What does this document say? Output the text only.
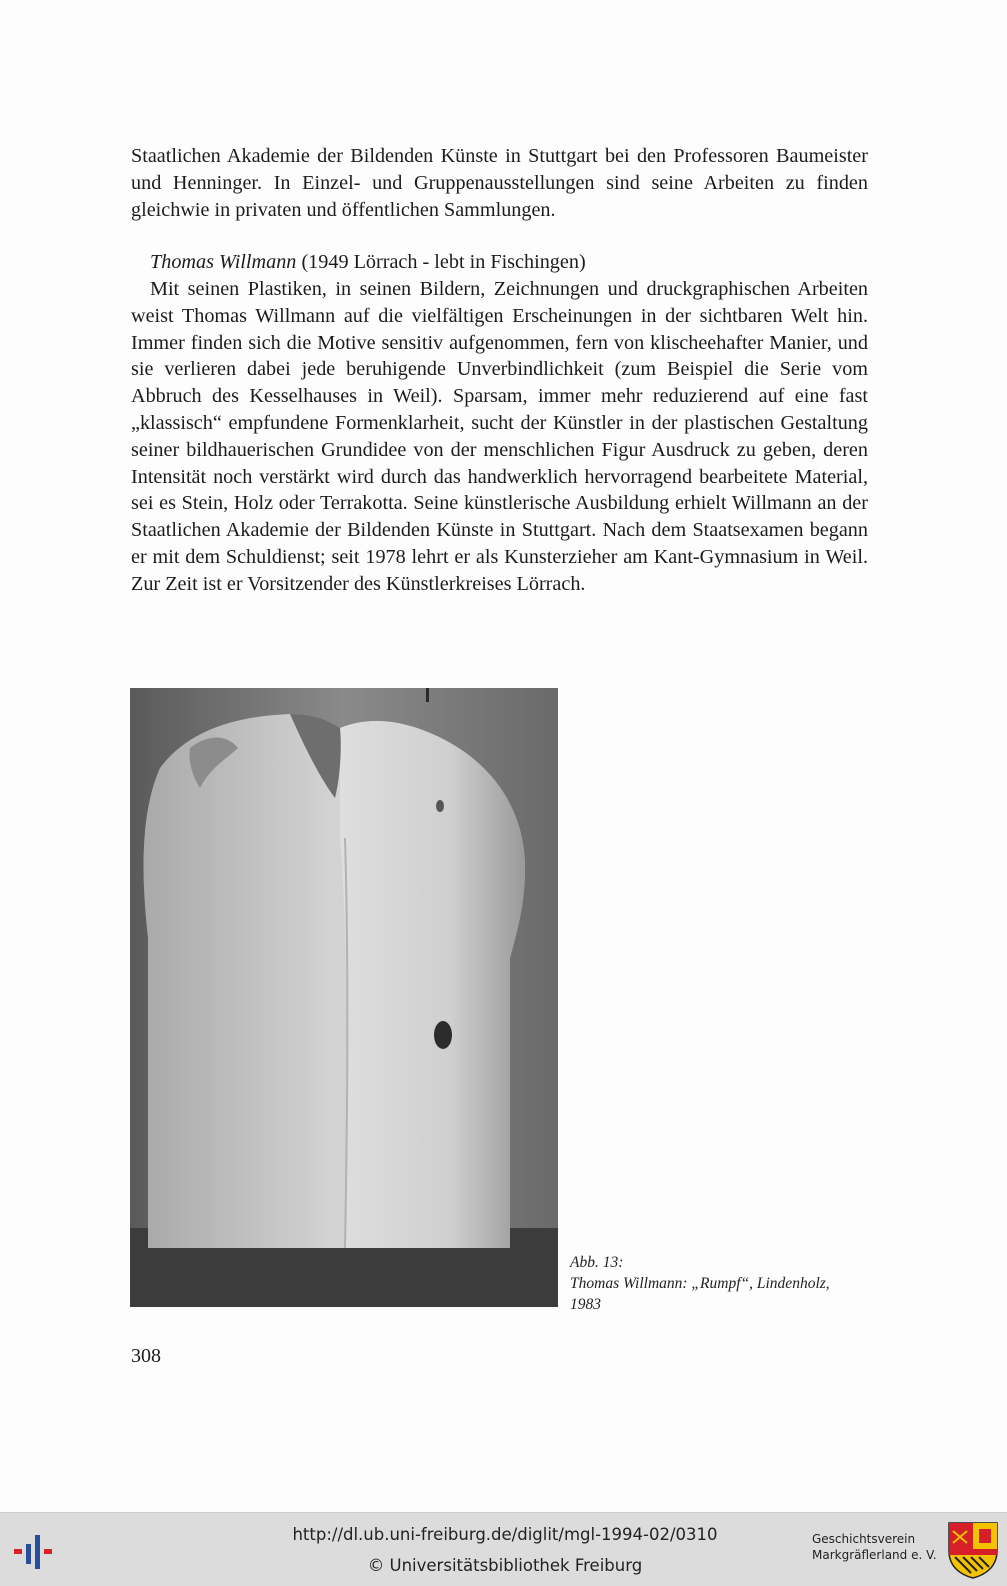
Staatlichen Akademie der Bildenden Künste in Stuttgart bei den Professoren Baumeister und Henninger. In Einzel- und Gruppenausstellungen sind seine Arbeiten zu finden gleichwie in privaten und öffentlichen Sammlungen.

Thomas Willmann (1949 Lörrach - lebt in Fischingen)

Mit seinen Plastiken, in seinen Bildern, Zeichnungen und druckgraphischen Arbeiten weist Thomas Willmann auf die vielfältigen Erscheinungen in der sichtbaren Welt hin. Immer finden sich die Motive sensitiv aufgenommen, fern von klischeehafter Manier, und sie verlieren dabei jede beruhigende Unverbindlichkeit (zum Beispiel die Serie vom Abbruch des Kesselhauses in Weil). Sparsam, immer mehr reduzierend auf eine fast „klassisch“ empfundene Formenklarheit, sucht der Künstler in der plastischen Gestaltung seiner bildhauerischen Grundidee von der menschlichen Figur Ausdruck zu geben, deren Intensität noch verstärkt wird durch das handwerklich hervorragend bearbeitete Material, sei es Stein, Holz oder Terrakotta. Seine künstlerische Ausbildung erhielt Willmann an der Staatlichen Akademie der Bildenden Künste in Stuttgart. Nach dem Staatsexamen begann er mit dem Schuldienst; seit 1978 lehrt er als Kunsterzieher am Kant-Gymnasium in Weil. Zur Zeit ist er Vorsitzender des Künstlerkreises Lörrach.

Abb. 13:
Thomas Willmann: „Rumpf“, Lindenholz,
1983
308
http://dl.ub.uni-freiburg.de/diglit/mgl-1994-02/0310
© Universitätsbibliothek Freiburg
Geschichtsverein
Markgräflerland e. V.
